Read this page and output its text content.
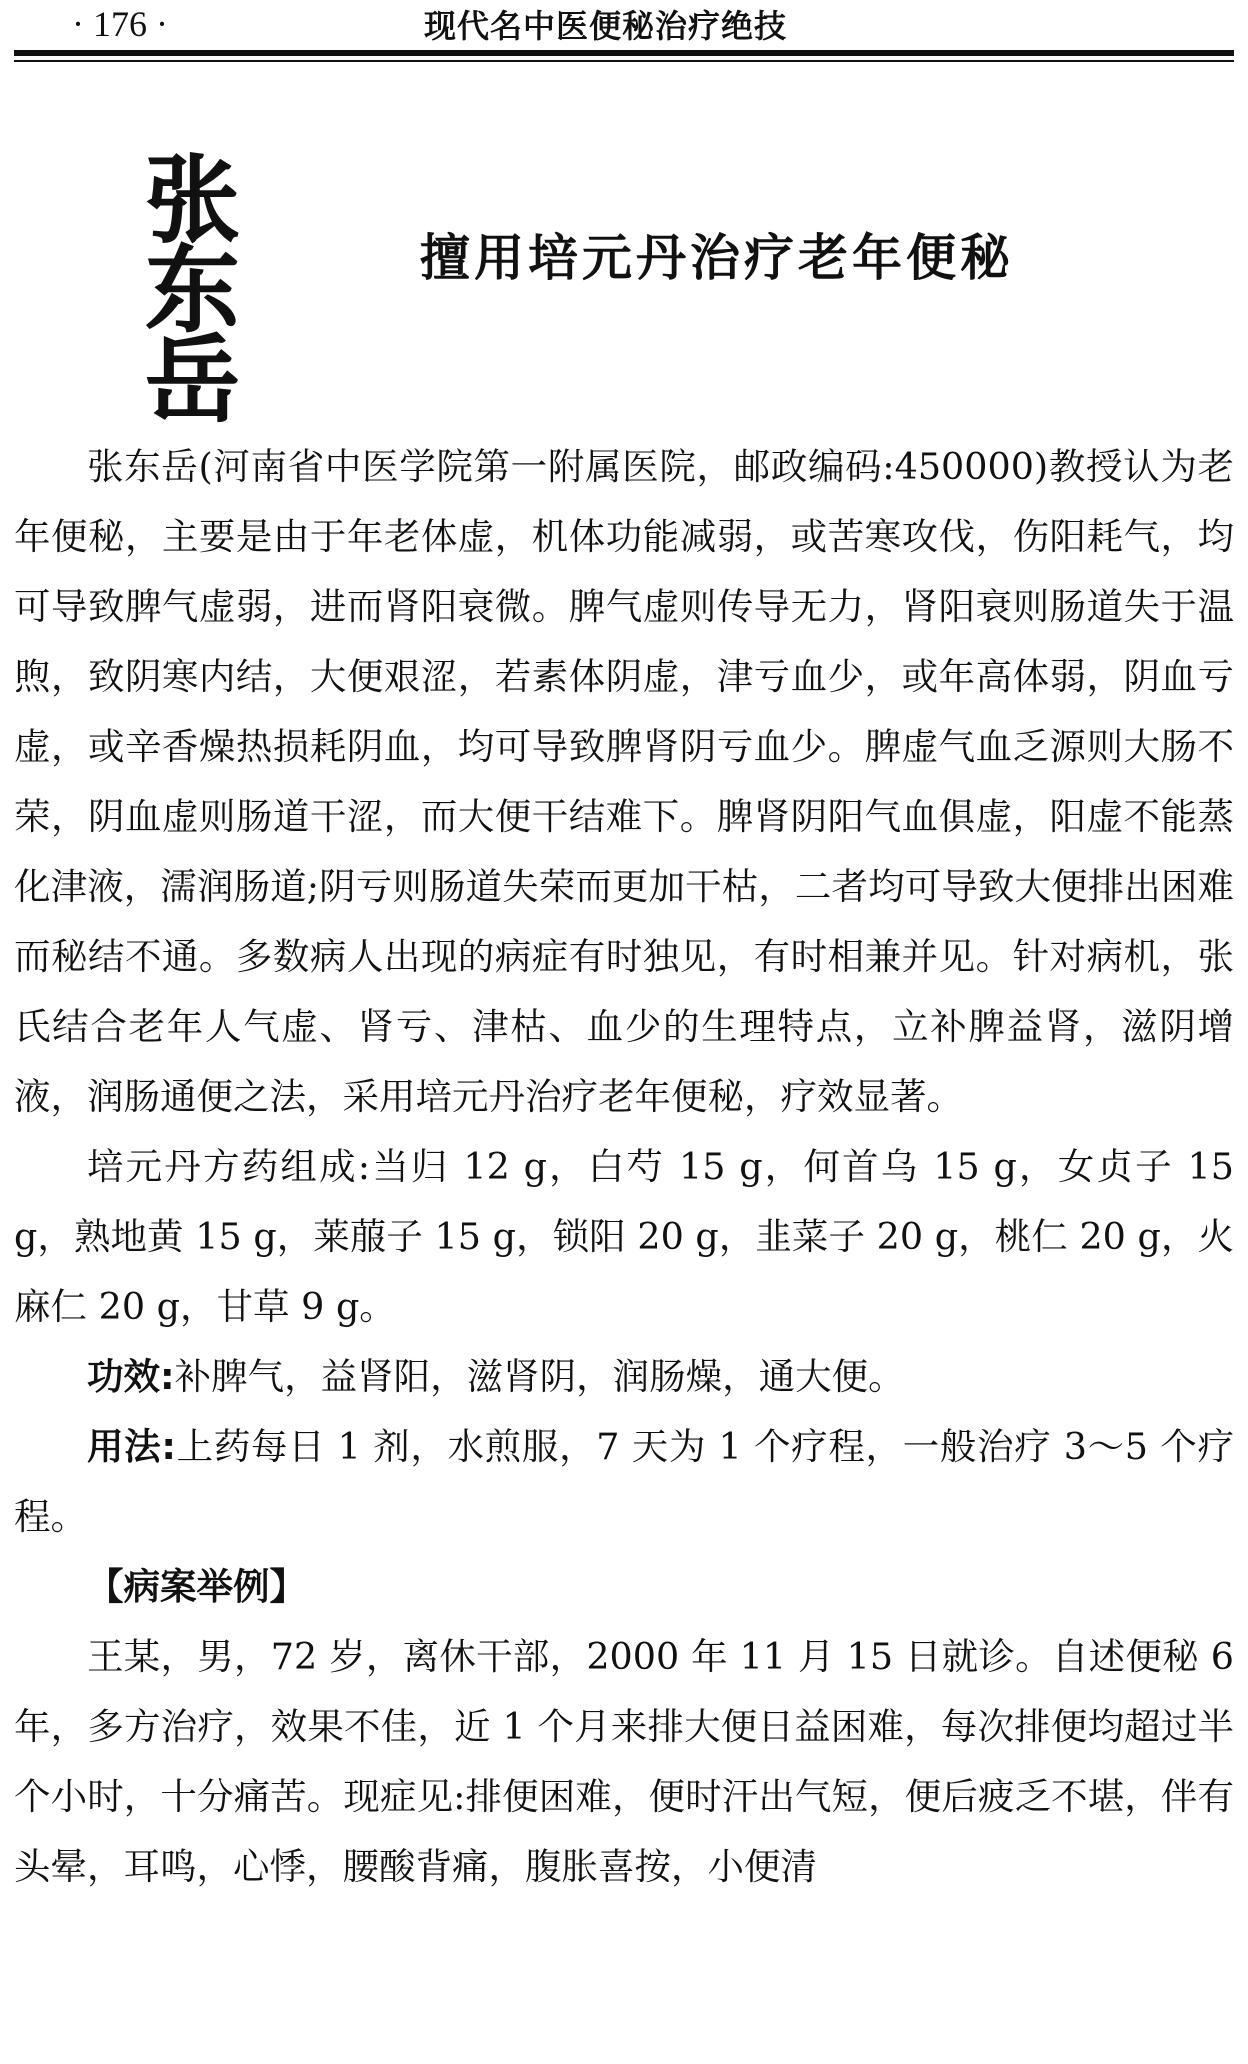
· 176 ·	现代名中医便秘治疗绝技
张东岳	擅用培元丹治疗老年便秘

张东岳(河南省中医学院第一附属医院，邮政编码:450000)教授认为老年便秘，主要是由于年老体虚，机体功能减弱，或苦寒攻伐，伤阳耗气，均可导致脾气虚弱，进而肾阳衰微。脾气虚则传导无力，肾阳衰则肠道失于温煦，致阴寒内结，大便艰涩，若素体阴虚，津亏血少，或年高体弱，阴血亏虚，或辛香燥热损耗阴血，均可导致脾肾阴亏血少。脾虚气血乏源则大肠不荣，阴血虚则肠道干涩，而大便干结难下。脾肾阴阳气血俱虚，阳虚不能蒸化津液，濡润肠道;阴亏则肠道失荣而更加干枯，二者均可导致大便排出困难而秘结不通。多数病人出现的病症有时独见，有时相兼并见。针对病机，张氏结合老年人气虚、肾亏、津枯、血少的生理特点，立补脾益肾，滋阴增液，润肠通便之法，采用培元丹治疗老年便秘，疗效显著。

培元丹方药组成:当归 12 g，白芍 15 g，何首乌 15 g，女贞子 15 g，熟地黄 15 g，莱菔子 15 g，锁阳 20 g，韭菜子 20 g，桃仁 20 g，火麻仁 20 g，甘草 9 g。

功效:补脾气，益肾阳，滋肾阴，润肠燥，通大便。

用法:上药每日 1 剂，水煎服，7 天为 1 个疗程，一般治疗 3～5 个疗程。

【病案举例】

王某，男，72 岁，离休干部，2000 年 11 月 15 日就诊。自述便秘 6 年，多方治疗，效果不佳，近 1 个月来排大便日益困难，每次排便均超过半个小时，十分痛苦。现症见:排便困难，便时汗出气短，便后疲乏不堪，伴有头晕，耳鸣，心悸，腰酸背痛，腹胀喜按，小便清
